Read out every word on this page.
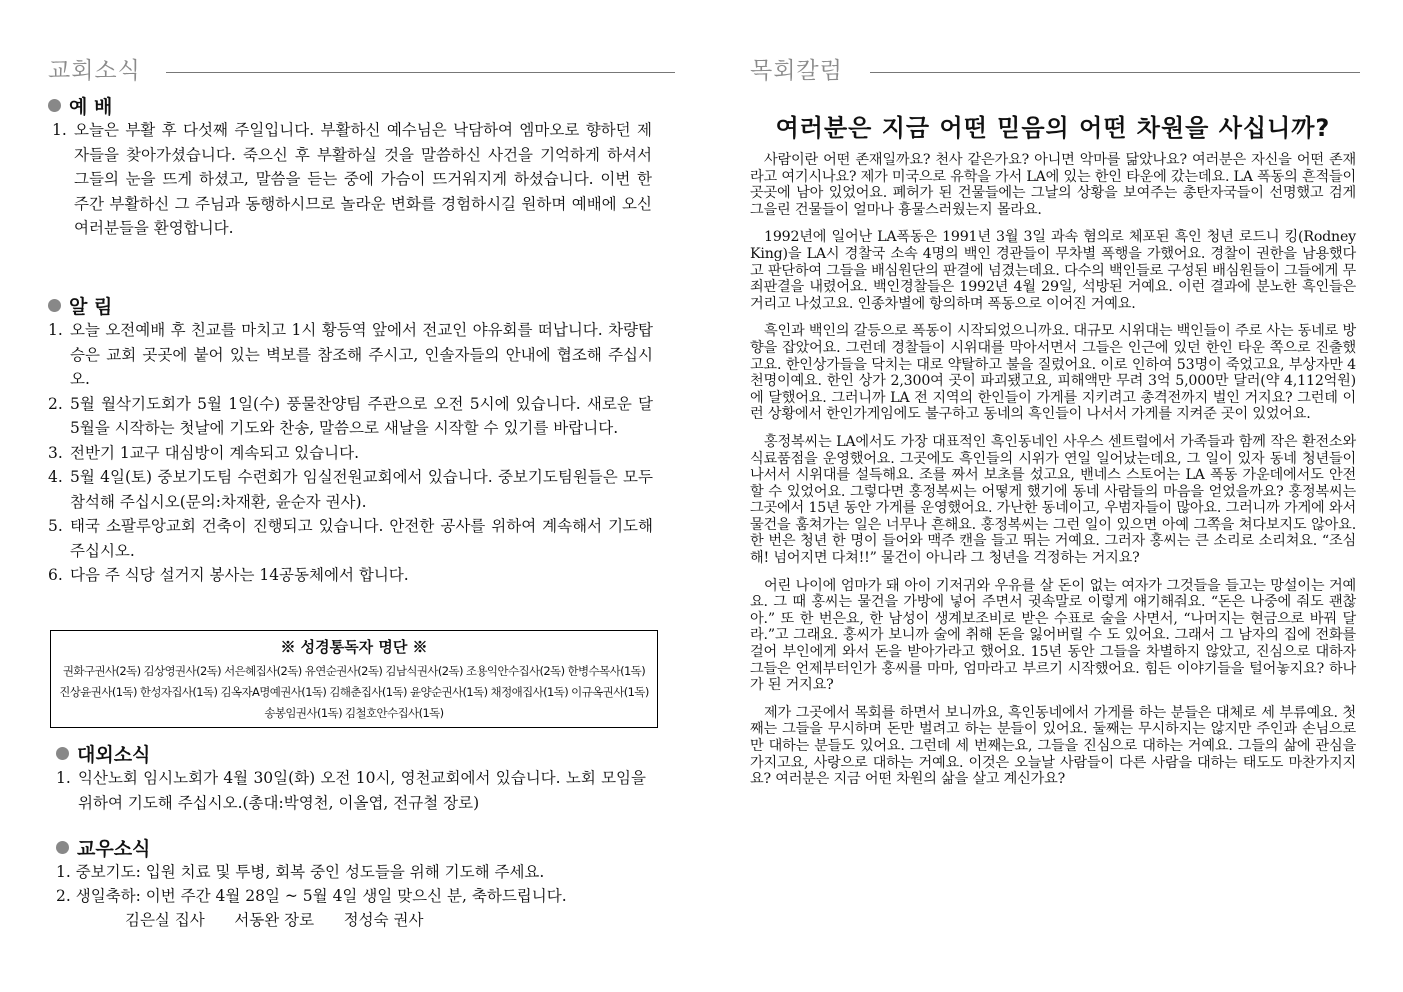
교회소식
예 배
1. 오늘은 부활 후 다섯째 주일입니다. 부활하신 예수님은 낙담하여 엠마오로 향하던 제자들을 찾아가셨습니다. 죽으신 후 부활하실 것을 말씀하신 사건을 기억하게 하셔서 그들의 눈을 뜨게 하셨고, 말씀을 듣는 중에 가슴이 뜨거워지게 하셨습니다. 이번 한 주간 부활하신 그 주님과 동행하시므로 놀라운 변화를 경험하시길 원하며 예배에 오신 여러분들을 환영합니다.
알 림
1. 오늘 오전예배 후 친교를 마치고 1시 황등역 앞에서 전교인 야유회를 떠납니다. 차량탑승은 교회 곳곳에 붙어 있는 벽보를 참조해 주시고, 인솔자들의 안내에 협조해 주십시오.
2. 5월 월삭기도회가 5월 1일(수) 풍물찬양팀 주관으로 오전 5시에 있습니다. 새로운 달 5월을 시작하는 첫날에 기도와 찬송, 말씀으로 새날을 시작할 수 있기를 바랍니다.
3. 전반기 1교구 대심방이 계속되고 있습니다.
4. 5월 4일(토) 중보기도팀 수련회가 임실전원교회에서 있습니다. 중보기도팀원들은 모두 참석해 주십시오(문의:차재환, 윤순자 권사).
5. 태국 소팔루앙교회 건축이 진행되고 있습니다. 안전한 공사를 위하여 계속해서 기도해 주십시오.
6. 다음 주 식당 설거지 봉사는 14공동체에서 합니다.
※ 성경통독자 명단 ※
권화구권사(2독) 김상영권사(2독) 서은혜집사(2독) 유연순권사(2독) 김남식권사(2독) 조용익안수집사(2독) 한병수목사(1독)
진상윤권사(1독) 한성자집사(1독) 김옥자A명예권사(1독) 김해춘집사(1독) 윤양순권사(1독) 채정애집사(1독) 이규옥권사(1독)
송봉임권사(1독) 김철호안수집사(1독)
대외소식
1. 익산노회 임시노회가 4월 30일(화) 오전 10시, 영천교회에서 있습니다. 노회 모임을 위하여 기도해 주십시오.(총대:박영천, 이올엽, 전규철 장로)
교우소식
1. 중보기도: 입원 치료 및 투병, 회복 중인 성도들을 위해 기도해 주세요.
2. 생일축하: 이번 주간 4월 28일 ~ 5월 4일 생일 맞으신 분, 축하드립니다.
김은실 집사      서동완 장로      정성숙 권사
목회칼럼
여러분은 지금 어떤 믿음의 어떤 차원을 사십니까?

사람이란 어떤 존재일까요? 천사 같은가요? 아니면 악마를 닮았나요? 여러분은 자신을 어떤 존재라고 여기시나요? 제가 미국으로 유학을 가서 LA에 있는 한인 타운에 갔는데요. LA 폭동의 흔적들이 곳곳에 남아 있었어요. 폐허가 된 건물들에는 그날의 상황을 보여주는 총탄자국들이 선명했고 검게 그을린 건물들이 얼마나 흉물스러웠는지 몰라요.

1992년에 일어난 LA폭동은 1991년 3월 3일 과속 혐의로 체포된 흑인 청년 로드니 킹(Rodney King)을 LA시 경찰국 소속 4명의 백인 경관들이 무차별 폭행을 가했어요. 경찰이 권한을 남용했다고 판단하여 그들을 배심원단의 판결에 넘겼는데요. 다수의 백인들로 구성된 배심원들이 그들에게 무죄판결을 내렸어요. 백인경찰들은 1992년 4월 29일, 석방된 거예요. 이런 결과에 분노한 흑인들은 거리고 나섰고요. 인종차별에 항의하며 폭동으로 이어진 거예요.

흑인과 백인의 갈등으로 폭동이 시작되었으니까요. 대규모 시위대는 백인들이 주로 사는 동네로 방향을 잡았어요. 그런데 경찰들이 시위대를 막아서면서 그들은 인근에 있던 한인 타운 쪽으로 진출했고요. 한인상가들을 닥치는 대로 약탈하고 불을 질렀어요. 이로 인하여 53명이 죽었고요, 부상자만 4천명이예요. 한인 상가 2,300여 곳이 파괴됐고요, 피해액만 무려 3억 5,000만 달러(약 4,112억원)에 달했어요. 그러니까 LA 전 지역의 한인들이 가게를 지키려고 총격전까지 벌인 거지요? 그런데 이런 상황에서 한인가게임에도 불구하고 동네의 흑인들이 나서서 가게를 지켜준 곳이 있었어요.

홍정복씨는 LA에서도 가장 대표적인 흑인동네인 사우스 센트럴에서 가족들과 함께 작은 환전소와 식료품점을 운영했어요. 그곳에도 흑인들의 시위가 연일 일어났는데요, 그 일이 있자 동네 청년들이 나서서 시위대를 설득해요. 조를 짜서 보초를 섰고요, 밴네스 스토어는 LA 폭동 가운데에서도 안전할 수 있었어요. 그렇다면 홍정복씨는 어떻게 했기에 동네 사람들의 마음을 얻었을까요? 홍정복씨는 그곳에서 15년 동안 가게를 운영했어요. 가난한 동네이고, 우범자들이 많아요. 그러니까 가게에 와서 물건을 훔쳐가는 일은 너무나 흔해요. 홍정복씨는 그런 일이 있으면 아예 그쪽을 쳐다보지도 않아요. 한 번은 청년 한 명이 들어와 맥주 캔을 들고 뛰는 거예요. 그러자 홍씨는 큰 소리로 소리쳐요. “조심해! 넘어지면 다쳐!!” 물건이 아니라 그 청년을 걱정하는 거지요?

어린 나이에 엄마가 돼 아이 기저귀와 우유를 살 돈이 없는 여자가 그것들을 들고는 망설이는 거예요. 그 때 홍씨는 물건을 가방에 넣어 주면서 귓속말로 이렇게 얘기해줘요. “돈은 나중에 줘도 괜찮아.” 또 한 번은요, 한 남성이 생계보조비로 받은 수표로 술을 사면서, “나머지는 현금으로 바꿔 달라.”고 그래요. 홍씨가 보니까 술에 취해 돈을 잃어버릴 수 도 있어요. 그래서 그 남자의 집에 전화를 걸어 부인에게 와서 돈을 받아가라고 했어요. 15년 동안 그들을 차별하지 않았고, 진심으로 대하자 그들은 언제부터인가 홍씨를 마마, 엄마라고 부르기 시작했어요. 힘든 이야기들을 털어놓지요? 하나가 된 거지요?

제가 그곳에서 목회를 하면서 보니까요, 흑인동네에서 가게를 하는 분들은 대체로 세 부류예요. 첫째는 그들을 무시하며 돈만 벌려고 하는 분들이 있어요. 둘째는 무시하지는 않지만 주인과 손님으로만 대하는 분들도 있어요. 그런데 세 번째는요, 그들을 진심으로 대하는 거예요. 그들의 삶에 관심을 가지고요, 사랑으로 대하는 거예요. 이것은 오늘날 사람들이 다른 사람을 대하는 태도도 마찬가지지요? 여러분은 지금 어떤 차원의 삶을 살고 계신가요?
